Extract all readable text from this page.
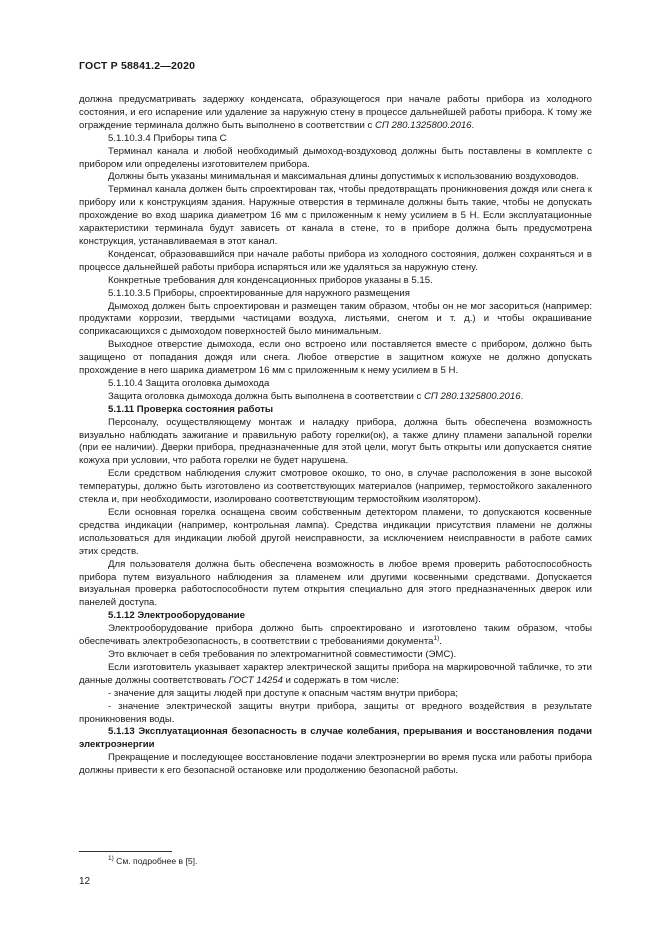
ГОСТ Р 58841.2—2020

должна предусматривать задержку конденсата, образующегося при начале работы прибора из холодного состояния, и его испарение или удаление за наружную стену в процессе дальнейшей работы прибора. К тому же ограждение терминала должно быть выполнено в соответствии с СП 280.1325800.2016.

5.1.10.3.4 Приборы типа С

Терминал канала и любой необходимый дымоход-воздуховод должны быть поставлены в комплекте с прибором или определены изготовителем прибора.

Должны быть указаны минимальная и максимальная длины допустимых к использованию воздуховодов.

Терминал канала должен быть спроектирован так, чтобы предотвращать проникновения дождя или снега к прибору или к конструкциям здания. Наружные отверстия в терминале должны быть такие, чтобы не допускать прохождение во вход шарика диаметром 16 мм с приложенным к нему усилием в 5 Н. Если эксплуатационные характеристики терминала будут зависеть от канала в стене, то в приборе должна быть предусмотрена конструкция, устанавливаемая в этот канал.

Конденсат, образовавшийся при начале работы прибора из холодного состояния, должен сохраняться и в процессе дальнейшей работы прибора испаряться или же удаляться за наружную стену.

Конкретные требования для конденсационных приборов указаны в 5.15.

5.1.10.3.5 Приборы, спроектированные для наружного размещения

Дымоход должен быть спроектирован и размещен таким образом, чтобы он не мог засориться (например: продуктами коррозии, твердыми частицами воздуха, листьями, снегом и т. д.) и чтобы окрашивание соприкасающихся с дымоходом поверхностей было минимальным.

Выходное отверстие дымохода, если оно встроено или поставляется вместе с прибором, должно быть защищено от попадания дождя или снега. Любое отверстие в защитном кожухе не должно допускать прохождение в него шарика диаметром 16 мм с приложенным к нему усилием в 5 Н.

5.1.10.4 Защита оголовка дымохода

Защита оголовка дымохода должна быть выполнена в соответствии с СП 280.1325800.2016.

5.1.11 Проверка состояния работы

Персоналу, осуществляющему монтаж и наладку прибора, должна быть обеспечена возможность визуально наблюдать зажигание и правильную работу горелки(ок), а также длину пламени запальной горелки (при ее наличии). Дверки прибора, предназначенные для этой цели, могут быть открыты или допускается снятие кожуха при условии, что работа горелки не будет нарушена.

Если средством наблюдения служит смотровое окошко, то оно, в случае расположения в зоне высокой температуры, должно быть изготовлено из соответствующих материалов (например, термостойкого закаленного стекла и, при необходимости, изолировано соответствующим термостойким изолятором).

Если основная горелка оснащена своим собственным детектором пламени, то допускаются косвенные средства индикации (например, контрольная лампа). Средства индикации присутствия пламени не должны использоваться для индикации любой другой неисправности, за исключением неисправности в работе самих этих средств.

Для пользователя должна быть обеспечена возможность в любое время проверить работоспособность прибора путем визуального наблюдения за пламенем или другими косвенными средствами. Допускается визуальная проверка работоспособности путем открытия специально для этого предназначенных дверок или панелей доступа.

5.1.12 Электрооборудование

Электрооборудование прибора должно быть спроектировано и изготовлено таким образом, чтобы обеспечивать электробезопасность, в соответствии с требованиями документа$^{1)}$.

Это включает в себя требования по электромагнитной совместимости (ЭМС).

Если изготовитель указывает характер электрической защиты прибора на маркировочной табличке, то эти данные должны соответствовать ГОСТ 14254 и содержать в том числе:

- значение для защиты людей при доступе к опасным частям внутри прибора;

- значение электрической защиты внутри прибора, защиты от вредного воздействия в результате проникновения воды.

5.1.13 Эксплуатационная безопасность в случае колебания, прерывания и восстановления подачи электроэнергии

Прекращение и последующее восстановление подачи электроэнергии во время пуска или работы прибора должны привести к его безопасной остановке или продолжению безопасной работы.

$^{1)}$ См. подробнее в [5].
12
